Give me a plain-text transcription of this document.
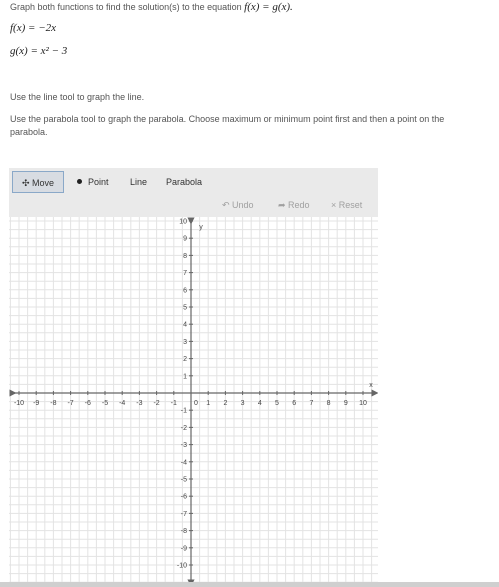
Graph both functions to find the solution(s) to the equation f(x) = g(x).
f(x) = −2x
g(x) = x² − 3
Use the line tool to graph the line.
Use the parabola tool to graph the parabola. Choose maximum or minimum point first and then a point on the parabola.
✣ Move	Point Line Parabola
↶ Undo	➦ Redo × Reset
-10 -9 -8 -7 -6 -5 -4 -3 -2 -1	1 2 3 4 5 6 7 8 9 10
1
2
3
4
5
6
7
8
9
10
-1
-2
-3
-4
-5
-6
-7
-8
-9
-10
0
x
y
